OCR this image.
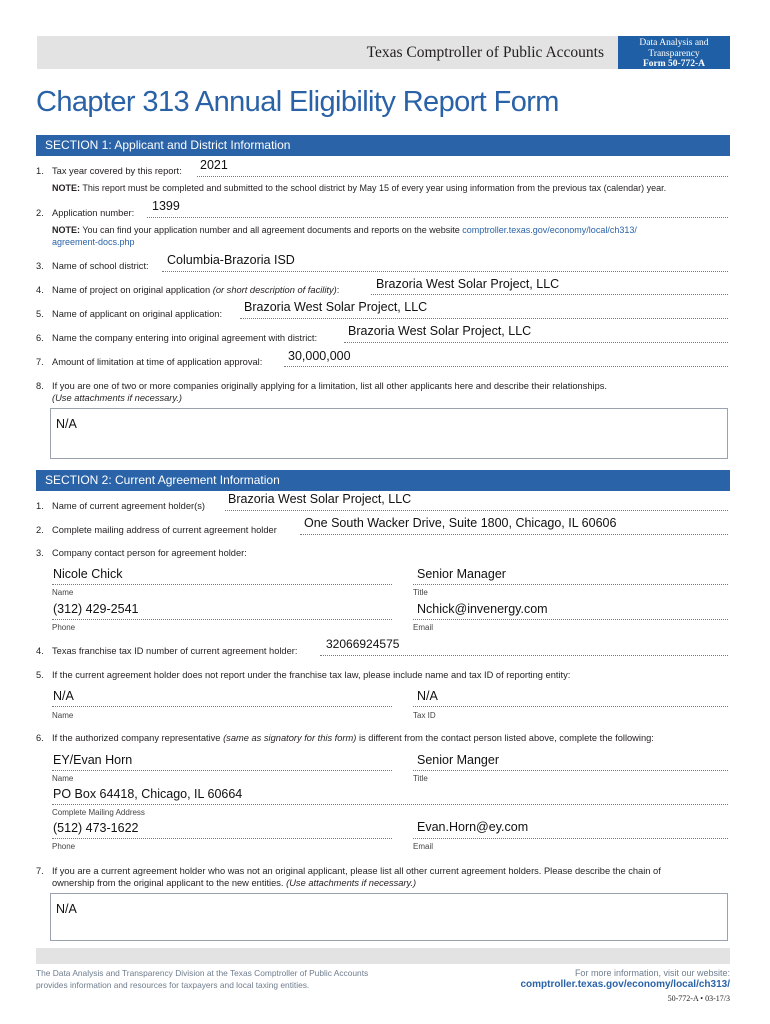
Texas Comptroller of Public Accounts
Data Analysis and
Transparency
Form 50-772-A
Chapter 313 Annual Eligibility Report Form
SECTION 1: Applicant and District Information
1. Tax year covered by this report: 2021
NOTE: This report must be completed and submitted to the school district by May 15 of every year using information from the previous tax (calendar) year.
2. Application number: 1399
NOTE: You can find your application number and all agreement documents and reports on the website comptroller.texas.gov/economy/local/ch313/
agreement-docs.php
3. Name of school district: Columbia-Brazoria ISD
4. Name of project on original application (or short description of facility):	Brazoria West Solar Project, LLC
5. Name of applicant on original application: Brazoria West Solar Project, LLC
6. Name the company entering into original agreement with district: Brazoria West Solar Project, LLC
7. Amount of limitation at time of application approval: 30,000,000
8. If you are one of two or more companies originally applying for a limitation, list all other applicants here and describe their relationships.
(Use attachments if necessary.)
N/A
SECTION 2: Current Agreement Information
1. Name of current agreement holder(s) Brazoria West Solar Project, LLC
2. Complete mailing address of current agreement holder One South Wacker Drive, Suite 1800, Chicago, IL 60606
3. Company contact person for agreement holder:
Nicole Chick
Name
Senior Manager
Title
(312) 429-2541
Phone
Nchick@invenergy.com
Email
4. Texas franchise tax ID number of current agreement holder: 32066924575
5. If the current agreement holder does not report under the franchise tax law, please include name and tax ID of reporting entity:
N/A
Name
N/A
Tax ID
6. If the authorized company representative (same as signatory for this form) is different from the contact person listed above, complete the following:
EY/Evan Horn
Name
Senior Manger
Title
PO Box 64418, Chicago, IL 60664
Complete Mailing Address
(512) 473-1622
Phone
Evan.Horn@ey.com
Email
7. If you are a current agreement holder who was not an original applicant, please list all other current agreement holders. Please describe the chain of
ownership from the original applicant to the new entities. (Use attachments if necessary.)
N/A
The Data Analysis and Transparency Division at the Texas Comptroller of Public Accounts
provides information and resources for taxpayers and local taxing entities.
For more information, visit our website:
comptroller.texas.gov/economy/local/ch313/
50-772-A • 03-17/3
